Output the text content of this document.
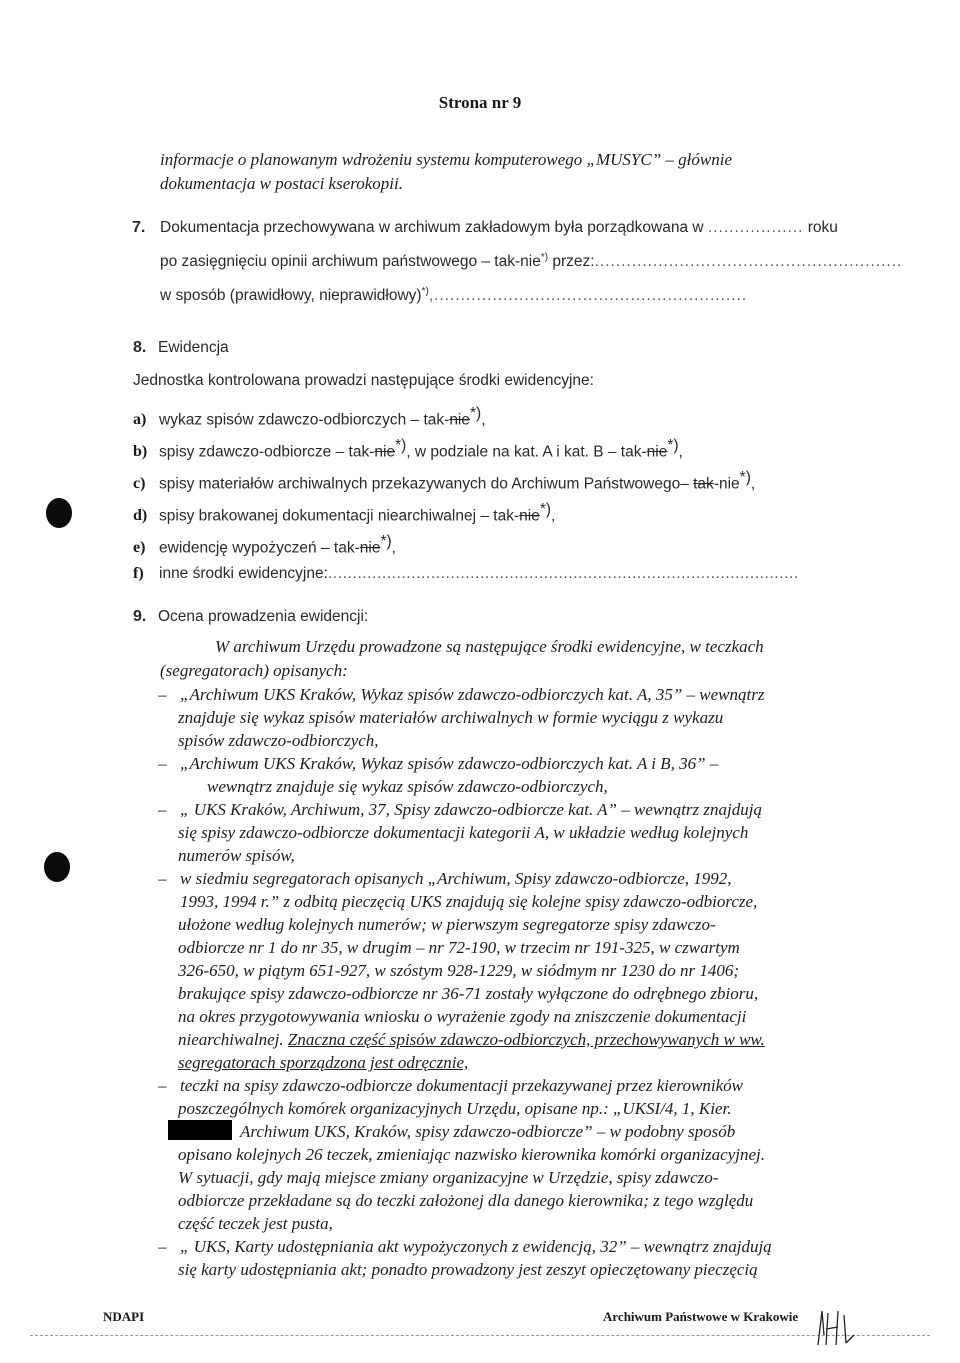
Strona nr 9
informacje o planowanym wdrożeniu systemu komputerowego „MUSYC” – głównie
dokumentacja w postaci kserokopii.
7. Dokumentacja przechowywana w archiwum zakładowym była porządkowana w .................. roku
po zasięgnięciu opinii archiwum państwowego – tak-nie*) przez:..........................................................
w sposób (prawidłowy, nieprawidłowy)*),...........................................................
8. Ewidencja
Jednostka kontrolowana prowadzi następujące środki ewidencyjne:
a) wykaz spisów zdawczo-odbiorczych – tak-nie*),
b) spisy zdawczo-odbiorcze – tak-nie*), w podziale na kat. A i kat. B – tak-nie*),
c) spisy materiałów archiwalnych przekazywanych do Archiwum Państwowego– tak-nie*),
d) spisy brakowanej dokumentacji niearchiwalnej – tak-nie*),
e) ewidencję wypożyczeń – tak-nie*),
f) inne środki ewidencyjne:................................................................................................
9. Ocena prowadzenia ewidencji:
W archiwum Urzędu prowadzone są następujące środki ewidencyjne, w teczkach
(segregatorach) opisanych:
– „Archiwum UKS Kraków, Wykaz spisów zdawczo-odbiorczych kat. A, 35” – wewnątrz
znajduje się wykaz spisów materiałów archiwalnych w formie wyciągu z wykazu
spisów zdawczo-odbiorczych,
– „Archiwum UKS Kraków, Wykaz spisów zdawczo-odbiorczych kat. A i B, 36” –
wewnątrz znajduje się wykaz spisów zdawczo-odbiorczych,
– „ UKS Kraków, Archiwum, 37, Spisy zdawczo-odbiorcze kat. A” – wewnątrz znajdują
się spisy zdawczo-odbiorcze dokumentacji kategorii A, w układzie według kolejnych
numerów spisów,
– w siedmiu segregatorach opisanych „Archiwum, Spisy zdawczo-odbiorcze, 1992,
1993, 1994 r.” z odbitą pieczęcią UKS znajdują się kolejne spisy zdawczo-odbiorcze,
ułożone według kolejnych numerów; w pierwszym segregatorze spisy zdawczo-
odbiorcze nr 1 do nr 35, w drugim – nr 72-190, w trzecim nr 191-325, w czwartym
326-650, w piątym 651-927, w szóstym 928-1229, w siódmym nr 1230 do nr 1406;
brakujące spisy zdawczo-odbiorcze nr 36-71 zostały wyłączone do odrębnego zbioru,
na okres przygotowywania wniosku o wyrażenie zgody na zniszczenie dokumentacji
niearchiwalnej. Znaczna część spisów zdawczo-odbiorczych, przechowywanych w ww.
segregatorach sporządzona jest odręcznie,
– teczki na spisy zdawczo-odbiorcze dokumentacji przekazywanej przez kierowników
poszczególnych komórek organizacyjnych Urzędu, opisane np.: „UKSI/4, 1, Kier.
Archiwum UKS, Kraków, spisy zdawczo-odbiorcze” – w podobny sposób
opisano kolejnych 26 teczek, zmieniając nazwisko kierownika komórki organizacyjnej.
W sytuacji, gdy mają miejsce zmiany organizacyjne w Urzędzie, spisy zdawczo-
odbiorcze przekładane są do teczki założonej dla danego kierownika; z tego względu
część teczek jest pusta,
– „ UKS, Karty udostępniania akt wypożyczonych z ewidencją, 32” – wewnątrz znajdują
się karty udostępniania akt; ponadto prowadzony jest zeszyt opieczętowany pieczęcią
NDAPI	Archiwum Państwowe w Krakowie
